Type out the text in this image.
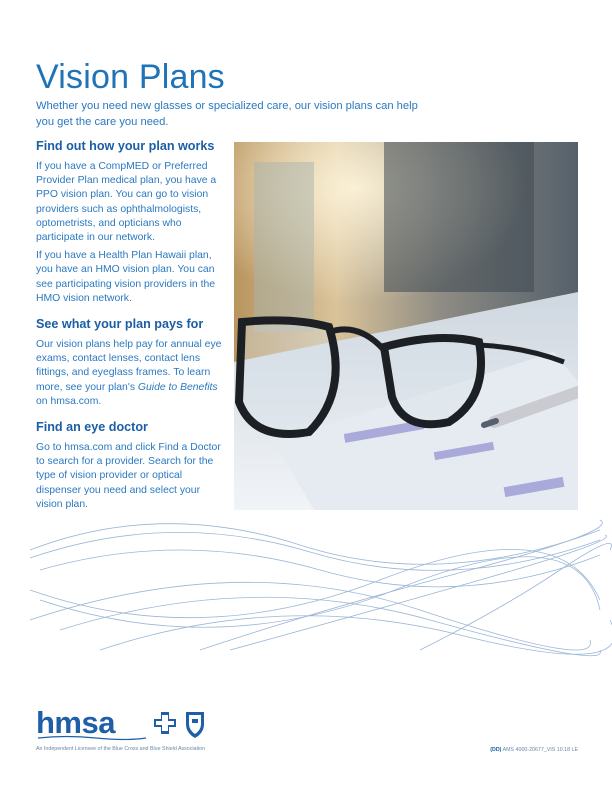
Vision Plans

Whether you need new glasses or specialized care, our vision plans can help you get the care you need.

Find out how your plan works

If you have a CompMED or Preferred Provider Plan medical plan, you have a PPO vision plan. You can go to vision providers such as ophthalmologists, optometrists, and opticians who participate in our network.

If you have a Health Plan Hawaii plan, you have an HMO vision plan. You can see participating vision providers in the HMO vision network.

See what your plan pays for

Our vision plans help pay for annual eye exams, contact lenses, contact lens fittings, and eyeglass frames. To learn more, see your plan's Guide to Benefits on hmsa.com.

Find an eye doctor

Go to hmsa.com and click Find a Doctor to search for a provider. Search for the type of vision provider or optical dispenser you need and select your vision plan.

hmsa

An Independent Licensee of the Blue Cross and Blue Shield Association	(DD) AMS 4000-20677_VIS 10.18 LE
